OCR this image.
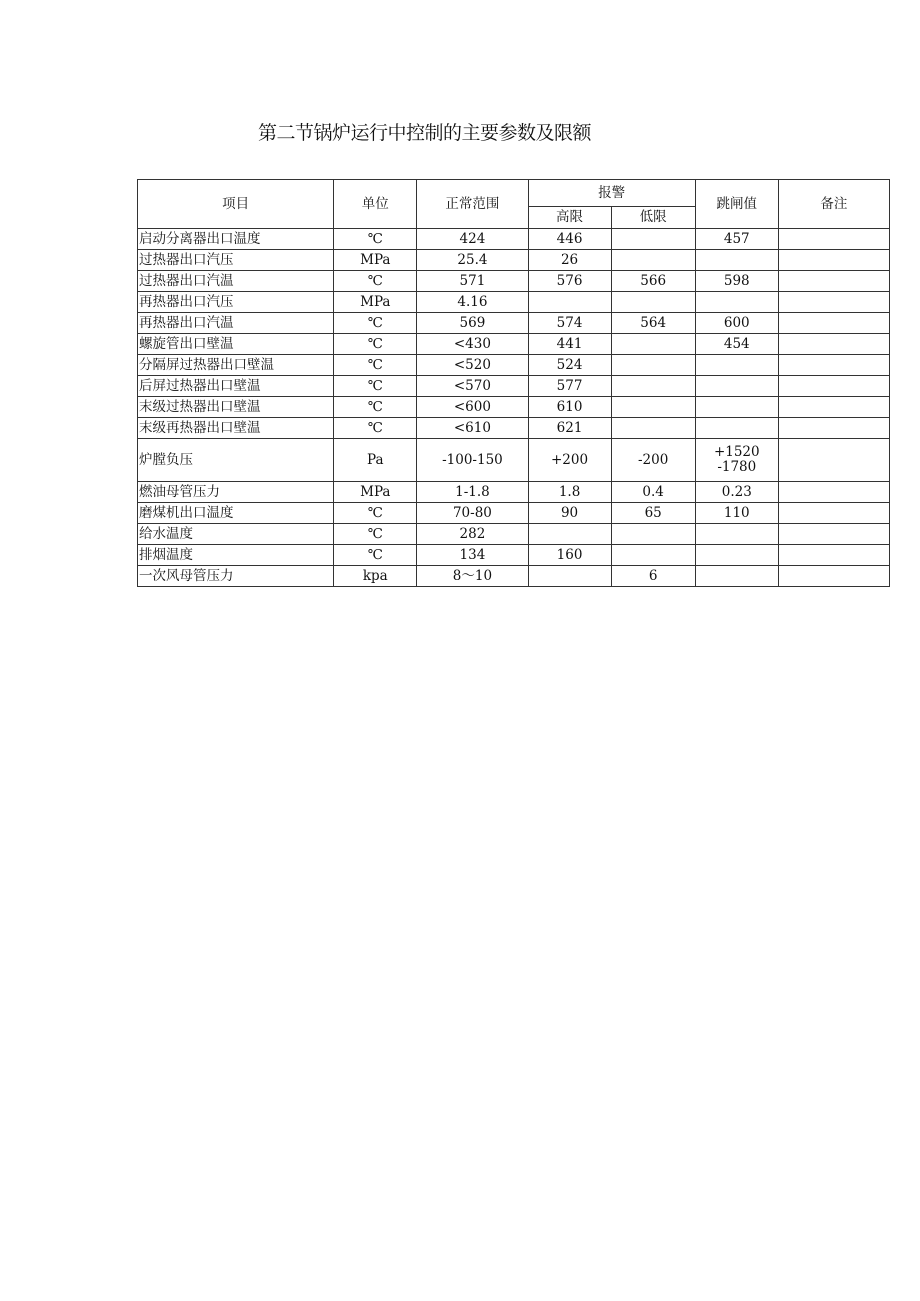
第二节锅炉运行中控制的主要参数及限额
项目	单位	正常范围	报警		跳闸值	备注
			高限	低限		
启动分离器出口温度	℃	424	446		457	
过热器出口汽压	MPa	25.4	26			
过热器出口汽温	℃	571	576	566	598	
再热器出口汽压	MPa	4.16				
再热器出口汽温	℃	569	574	564	600	
螺旋管出口壁温	℃	<430	441		454	
分隔屏过热器出口壁温	℃	<520	524			
后屏过热器出口壁温	℃	<570	577			
末级过热器出口壁温	℃	<600	610			
末级再热器出口壁温	℃	<610	621			
炉膛负压	Pa	-100-150	+200	-200	+1520
-1780	

燃油母管压力	MPa	1-1.8	1.8	0.4	0.23	
磨煤机出口温度	℃	70-80	90	65	110	
给水温度	℃	282				
排烟温度	℃	134	160			
一次风母管压力	kpa	8～10		6		
